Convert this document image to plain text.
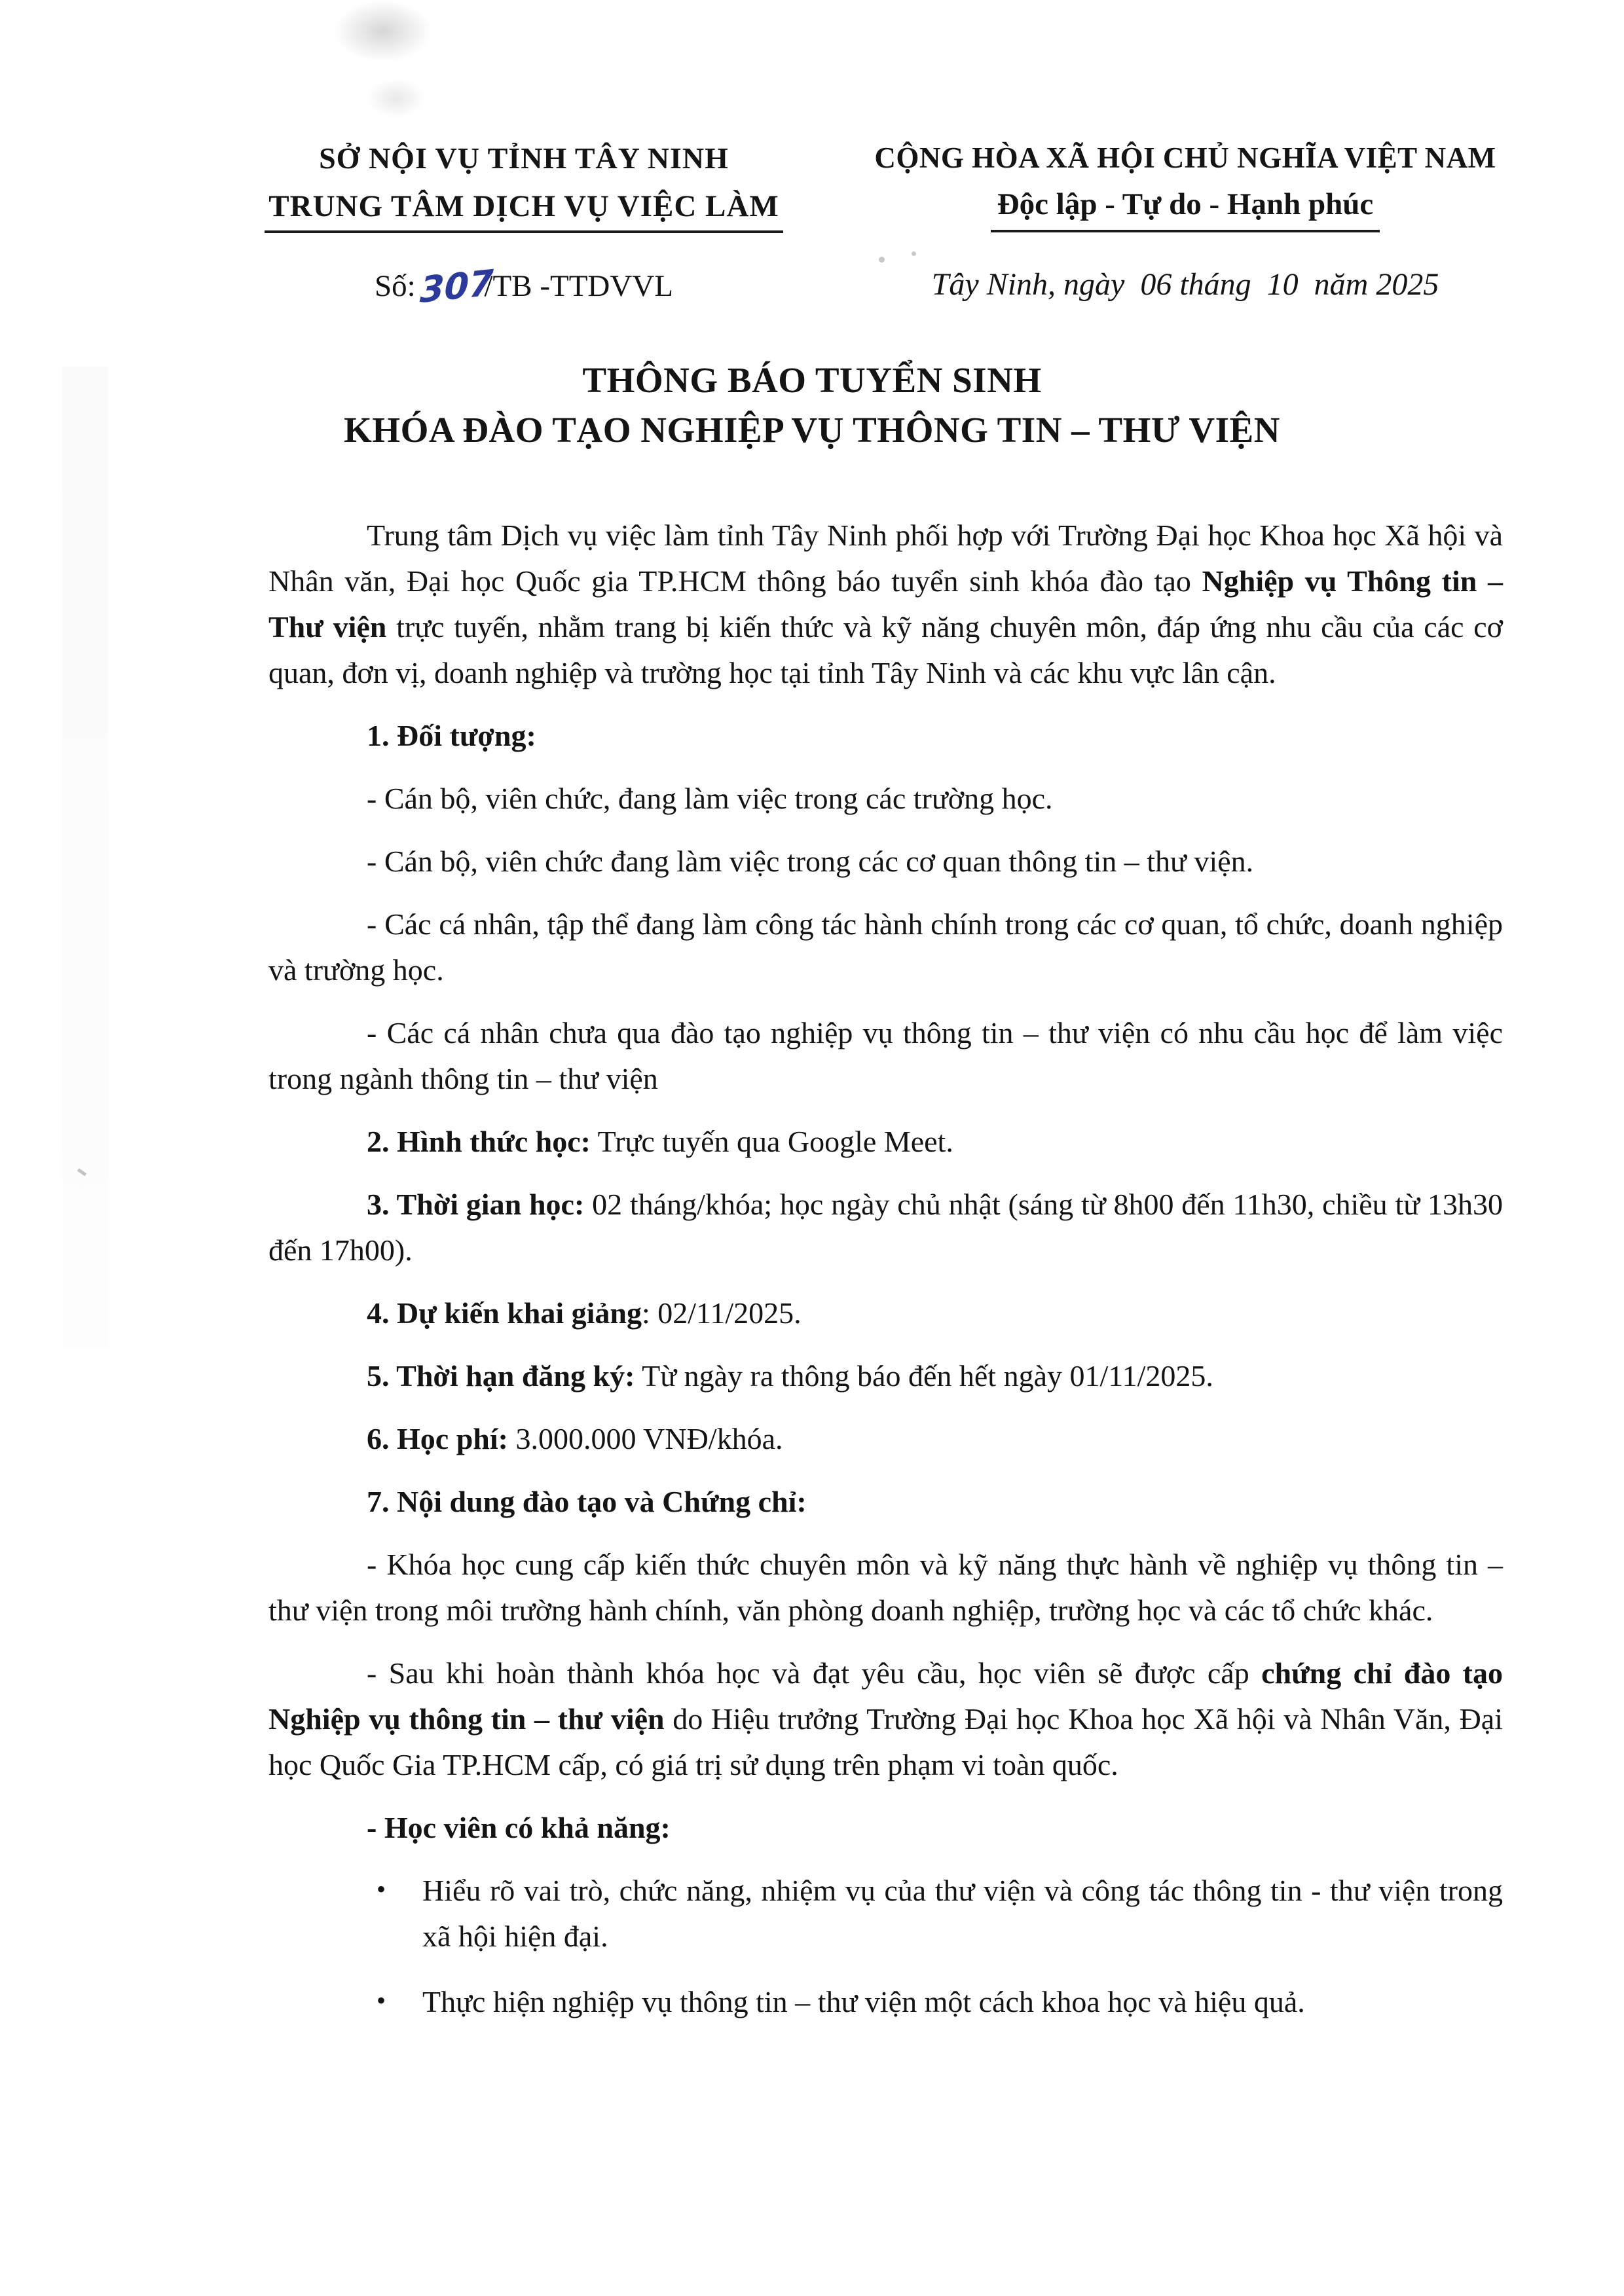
SỞ NỘI VỤ TỈNH TÂY NINH
TRUNG TÂM DỊCH VỤ VIỆC LÀM
Số:307/TB -TTDVVL
CỘNG HÒA XÃ HỘI CHỦ NGHĨA VIỆT NAM
Độc lập - Tự do - Hạnh phúc
Tây Ninh, ngày  06 tháng  10  năm 2025
THÔNG BÁO TUYỂN SINH
KHÓA ĐÀO TẠO NGHIỆP VỤ THÔNG TIN – THƯ VIỆN

Trung tâm Dịch vụ việc làm tỉnh Tây Ninh phối hợp với Trường Đại học Khoa học Xã hội và Nhân văn, Đại học Quốc gia TP.HCM thông báo tuyển sinh khóa đào tạo Nghiệp vụ Thông tin – Thư viện trực tuyến, nhằm trang bị kiến thức và kỹ năng chuyên môn, đáp ứng nhu cầu của các cơ quan, đơn vị, doanh nghiệp và trường học tại tỉnh Tây Ninh và các khu vực lân cận.

1. Đối tượng:

- Cán bộ, viên chức, đang làm việc trong các trường học.

- Cán bộ, viên chức đang làm việc trong các cơ quan thông tin – thư viện.

- Các cá nhân, tập thể đang làm công tác hành chính trong các cơ quan, tổ chức, doanh nghiệp và trường học.

- Các cá nhân chưa qua đào tạo nghiệp vụ thông tin – thư viện có nhu cầu học để làm việc trong ngành thông tin – thư viện

2. Hình thức học: Trực tuyến qua Google Meet.

3. Thời gian học: 02 tháng/khóa; học ngày chủ nhật (sáng từ 8h00 đến 11h30, chiều từ 13h30 đến 17h00).

4. Dự kiến khai giảng: 02/11/2025.

5. Thời hạn đăng ký: Từ ngày ra thông báo đến hết ngày 01/11/2025.

6. Học phí: 3.000.000 VNĐ/khóa.

7. Nội dung đào tạo và Chứng chỉ:

- Khóa học cung cấp kiến thức chuyên môn và kỹ năng thực hành về nghiệp vụ thông tin – thư viện trong môi trường hành chính, văn phòng doanh nghiệp, trường học và các tổ chức khác.

- Sau khi hoàn thành khóa học và đạt yêu cầu, học viên sẽ được cấp chứng chỉ đào tạo Nghiệp vụ thông tin – thư viện do Hiệu trưởng Trường Đại học Khoa học Xã hội và Nhân Văn, Đại học Quốc Gia TP.HCM cấp, có giá trị sử dụng trên phạm vi toàn quốc.

- Học viên có khả năng:

• Hiểu rõ vai trò, chức năng, nhiệm vụ của thư viện và công tác thông tin - thư viện trong xã hội hiện đại.
• Thực hiện nghiệp vụ thông tin – thư viện một cách khoa học và hiệu quả.
